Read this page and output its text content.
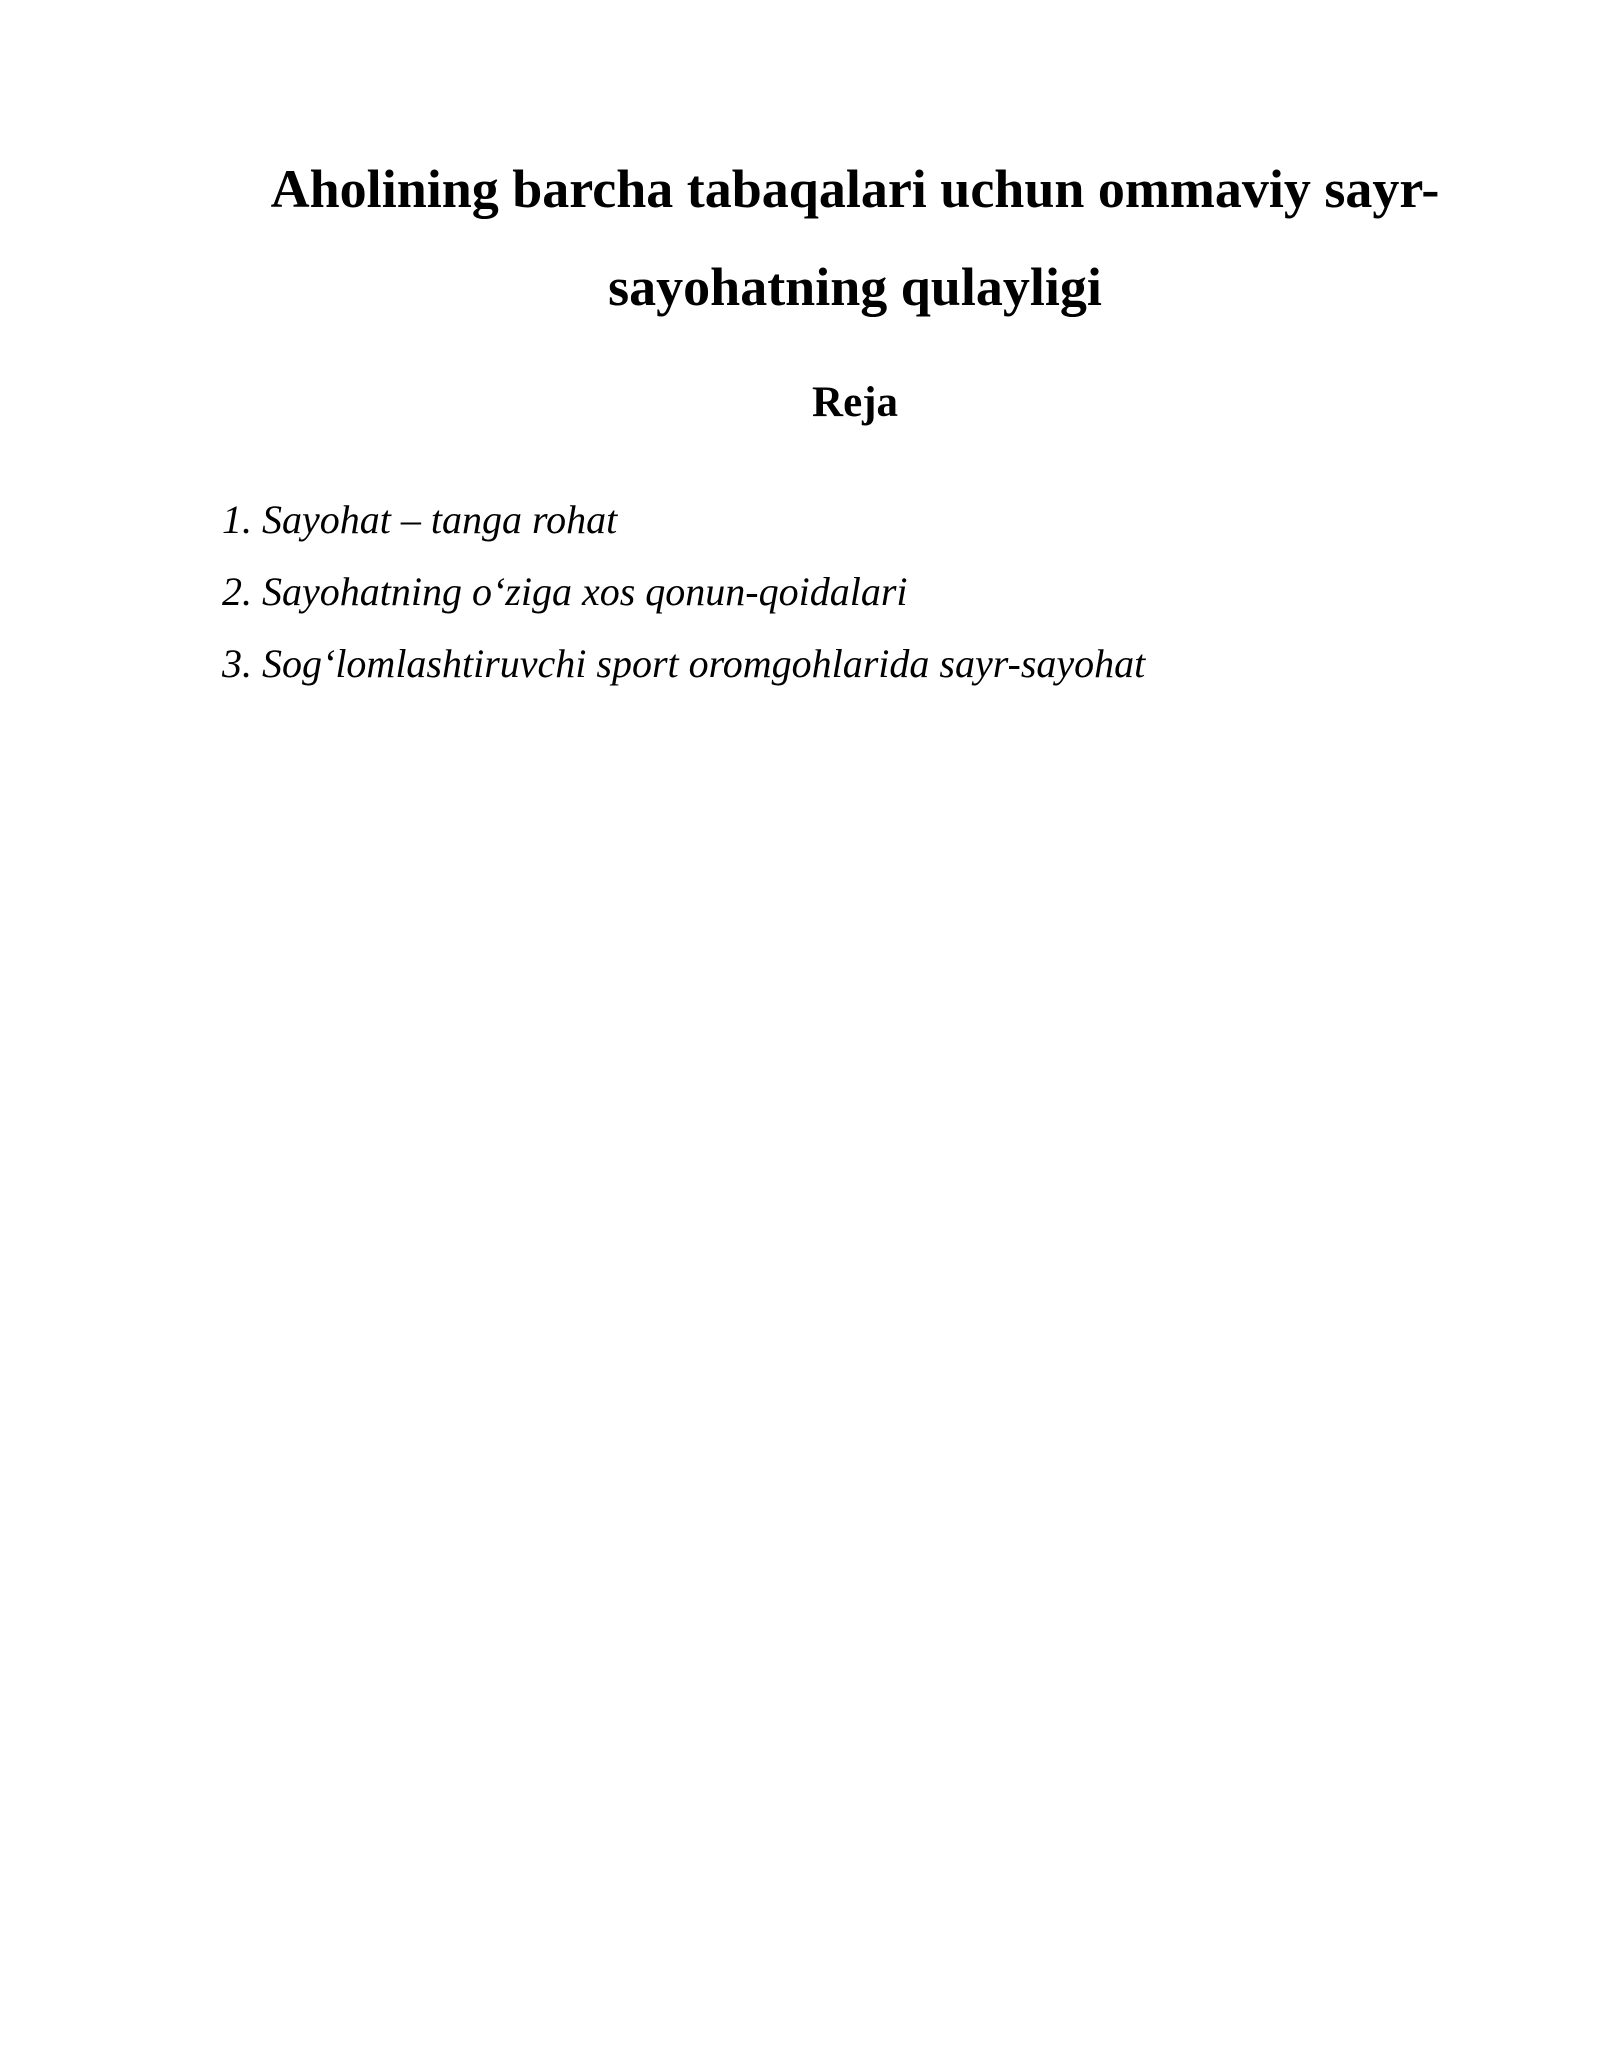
Aholining barcha tabaqalari uchun ommaviy sayr-sayohatning qulayligi
Reja
1. Sayohat – tanga rohat
2. Sayohatning o‘ziga xos qonun-qoidalari
3. Sog‘lomlashtiruvchi sport oromgohlarida sayr-sayohat
